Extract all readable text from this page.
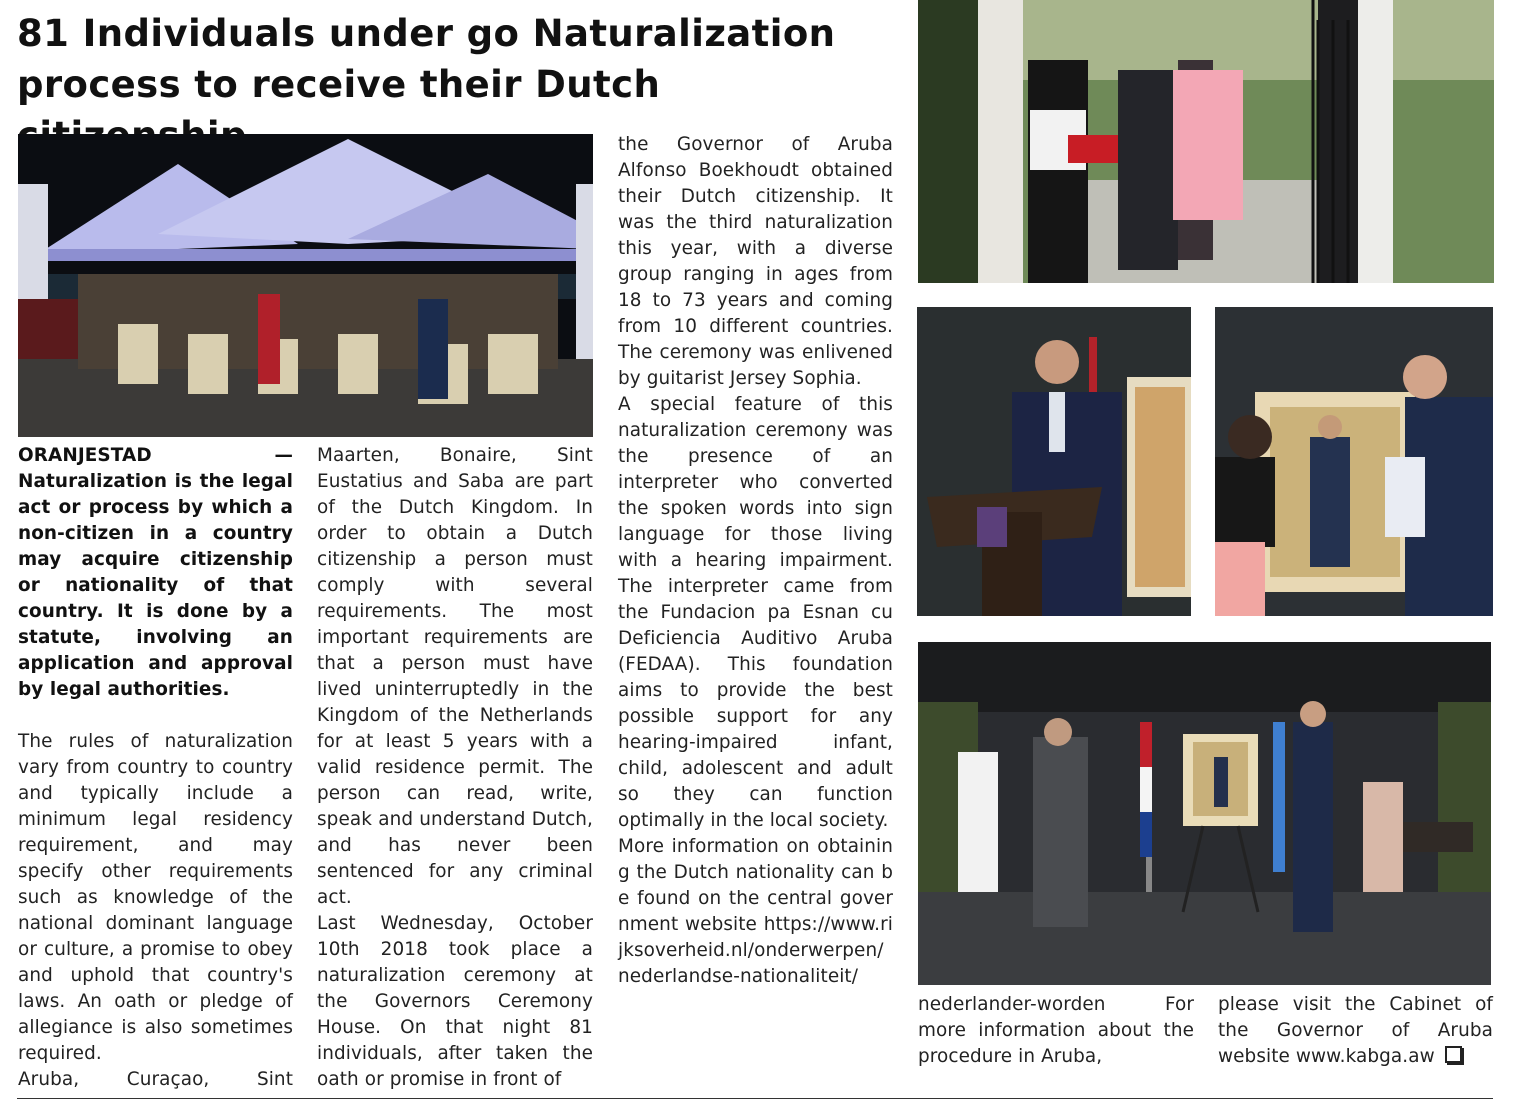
81 Individuals under go Naturalization process to receive their Dutch

ORANJESTAD — Naturalization is the legal act or process by which a non-citizen in a country may acquire citizenship or nationality of that country. It is done by a statute, involving an application and approval by legal authorities.

The rules of naturalization vary from country to country and typically include a minimum legal residency requirement, and may specify other requirements such as knowledge of the national dominant language or culture, a promise to obey and uphold that country's laws. An oath or pledge of allegiance is also sometimes required.

Aruba, Curaçao, Sint

Maarten, Bonaire, Sint Eustatius and Saba are part of the Dutch Kingdom. In order to obtain a Dutch citizenship a person must comply with several requirements. The most important requirements are that a person must have lived uninterruptedly in the Kingdom of the Netherlands for at least 5 years with a valid residence permit. The person can read, write, speak and understand Dutch, and has never been sentenced for any criminal act.

Last Wednesday, October 10th 2018 took place a naturalization ceremony at the Governors Ceremony House. On that night 81 individuals, after taken the oath or promise in front of

the Governor of Aruba Alfonso Boekhoudt obtained their Dutch citizenship. It was the third naturalization this year, with a diverse group ranging in ages from 18 to 73 years and coming from 10 different countries. The ceremony was enlivened by guitarist Jersey Sophia.

A special feature of this naturalization ceremony was the presence of an interpreter who converted the spoken words into sign language for those living with a hearing impairment. The interpreter came from the Fundacion pa Esnan cu Deficiencia Auditivo Aruba (FEDAA). This foundation aims to provide the best possible support for any hearing-impaired infant, child, adolescent and adult so they can function optimally in the local society.

More information on obtaining the Dutch nationality can be found on the central government website https://www.rijksoverheid.nl/onderwerpen/nederlandse-nationaliteit/

nederlander-worden For more information about the procedure in Aruba,

please visit the Cabinet of the Governor of Aruba website www.kabga.aw
